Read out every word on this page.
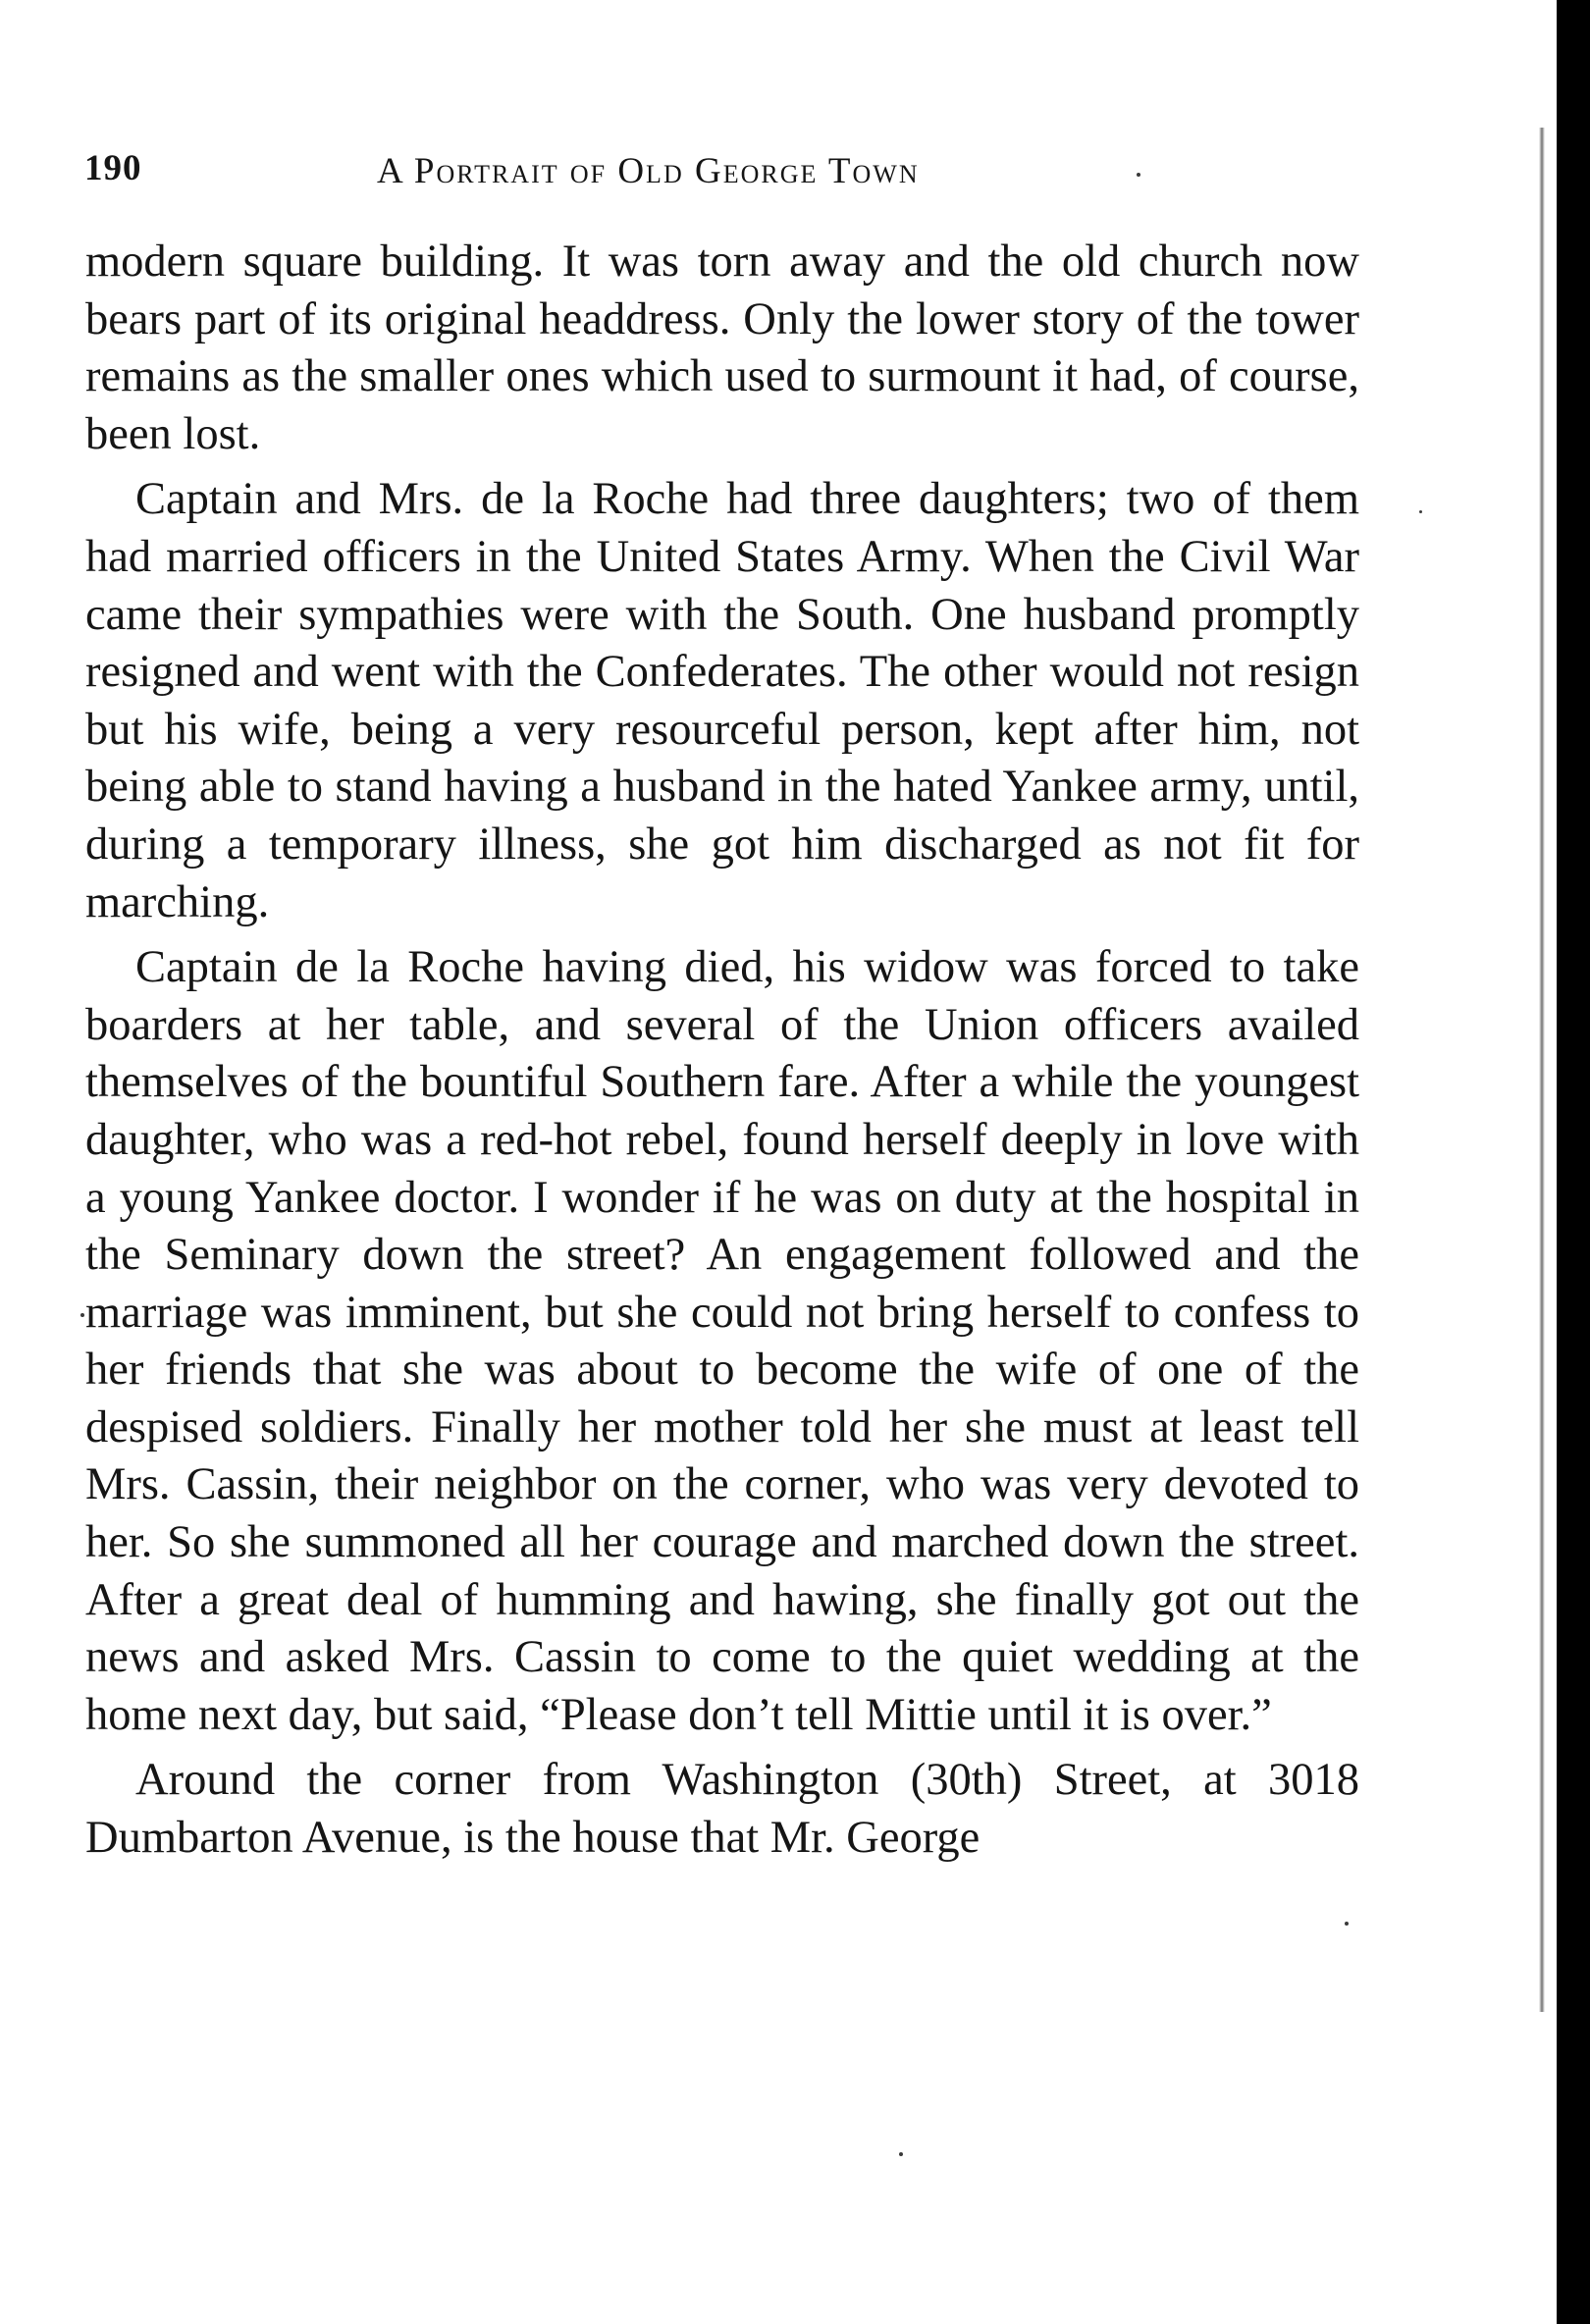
190	A Portrait of Old George Town

modern square building. It was torn away and the old church now bears part of its original headdress. Only the lower story of the tower remains as the smaller ones which used to surmount it had, of course, been lost.

Captain and Mrs. de la Roche had three daughters; two of them had married officers in the United States Army. When the Civil War came their sympathies were with the South. One husband promptly resigned and went with the Confederates. The other would not resign but his wife, being a very resourceful person, kept after him, not being able to stand having a husband in the hated Yankee army, until, during a temporary illness, she got him discharged as not fit for marching.

Captain de la Roche having died, his widow was forced to take boarders at her table, and several of the Union officers availed themselves of the bountiful Southern fare. After a while the youngest daughter, who was a red-hot rebel, found herself deeply in love with a young Yankee doctor. I wonder if he was on duty at the hospital in the Seminary down the street? An engagement followed and the marriage was imminent, but she could not bring herself to confess to her friends that she was about to become the wife of one of the despised soldiers. Finally her mother told her she must at least tell Mrs. Cassin, their neighbor on the corner, who was very devoted to her. So she summoned all her courage and marched down the street. After a great deal of humming and hawing, she finally got out the news and asked Mrs. Cassin to come to the quiet wedding at the home next day, but said, “Please don’t tell Mittie until it is over.”

Around the corner from Washington (30th) Street, at 3018 Dumbarton Avenue, is the house that Mr. George
